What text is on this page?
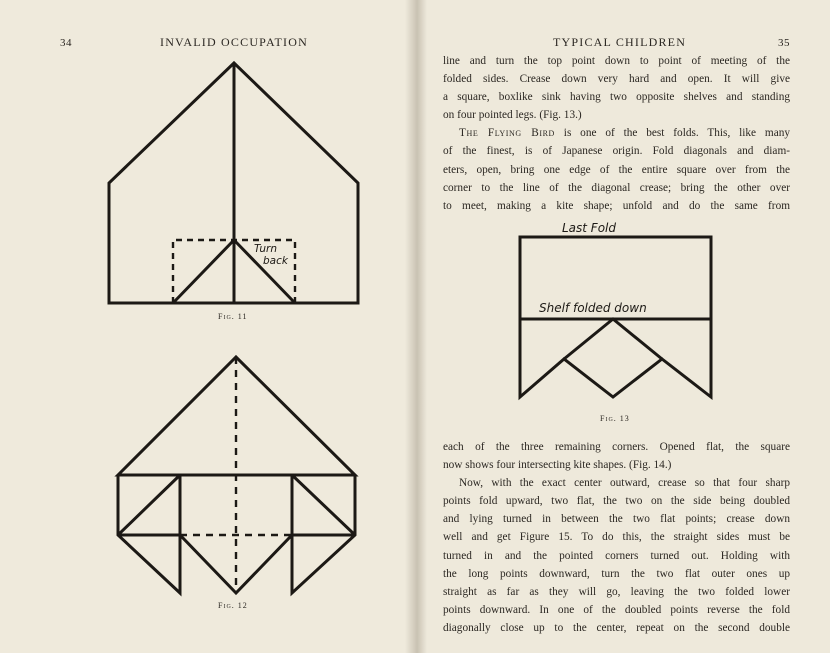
34	INVALID OCCUPATION
Turn
back
Fig. 11
Fig. 12
TYPICAL CHILDREN	35
line and turn the top point down to point of meeting of the
folded sides. Crease down very hard and open. It will give
a square, boxlike sink having two opposite shelves and standing
on four pointed legs. (Fig. 13.)
The Flying Bird is one of the best folds. This, like many
of the finest, is of Japanese origin. Fold diagonals and diam-
eters, open, bring one edge of the entire square over from the
corner to the line of the diagonal crease; bring the other over
to meet, making a kite shape; unfold and do the same from
Last Fold
Shelf folded down
Fig. 13
each of the three remaining corners. Opened flat, the square
now shows four intersecting kite shapes. (Fig. 14.)
Now, with the exact center outward, crease so that four sharp
points fold upward, two flat, the two on the side being doubled
and lying turned in between the two flat points; crease down
well and get Figure 15. To do this, the straight sides must be
turned in and the pointed corners turned out. Holding with
the long points downward, turn the two flat outer ones up
straight as far as they will go, leaving the two folded lower
points downward. In one of the doubled points reverse the fold
diagonally close up to the center, repeat on the second double
